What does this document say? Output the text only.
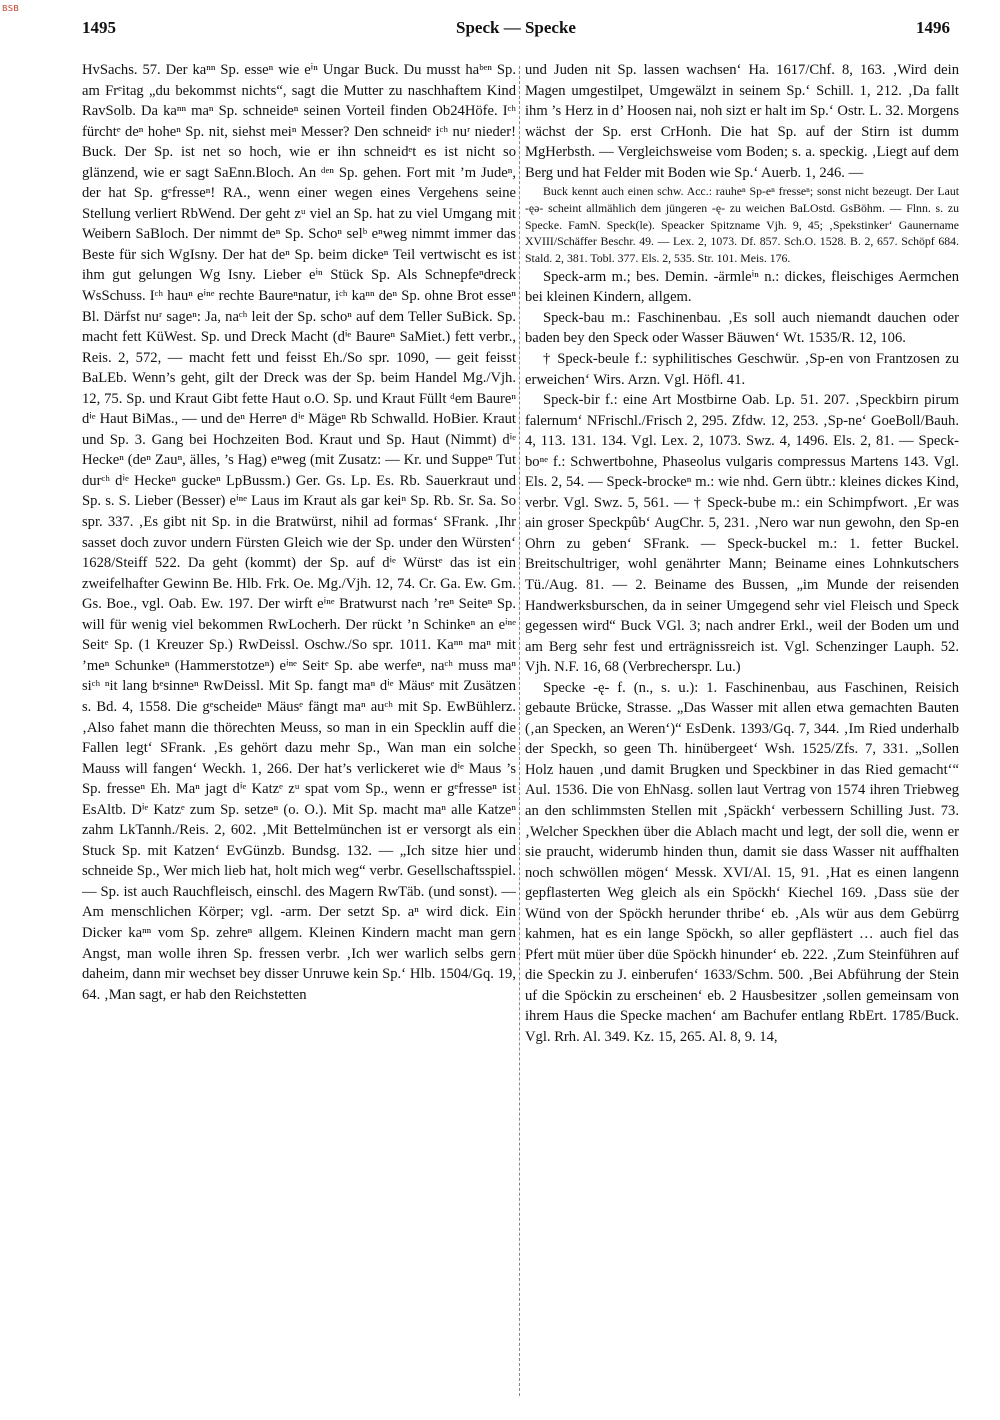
BSB
1495	Speck — Specke	1496

HvSachs. 57. Der kaⁿⁿ Sp. esseⁿ wie eⁱⁿ Ungar Buck. Du musst haᵇᵉⁿ Sp. am Frᵉitag „du bekommst nichts“, sagt die Mutter zu naschhaftem Kind RavSolb. Da kaⁿⁿ maⁿ Sp. schneideⁿ seinen Vorteil finden Ob24Höfe. Iᶜʰ fürchtᵉ deⁿ hoheⁿ Sp. nit, siehst meiⁿ Messer? Den schneidᵉ iᶜʰ nuʳ nieder! Buck. Der Sp. ist net so hoch, wie er ihn schneidᵉt es ist nicht so glänzend, wie er sagt SaEnn.Bloch. An ᵈᵉⁿ Sp. gehen. Fort mit ’m Judeⁿ, der hat Sp. gᵉfresseⁿ! RA., wenn einer wegen eines Vergehens seine Stellung verliert RbWend. Der geht zᵘ viel an Sp. hat zu viel Umgang mit Weibern SaBloch. Der nimmt deⁿ Sp. Schoⁿ selᵇ eⁿweg nimmt immer das Beste für sich WgIsny. Der hat deⁿ Sp. beim dickeⁿ Teil vertwischt es ist ihm gut gelungen Wg Isny. Lieber eⁱⁿ Stück Sp. Als Schnepfeⁿdreck WsSchuss. Iᶜʰ hauⁿ eⁱⁿᵉ rechte Baureⁿnatur, iᶜʰ kaⁿⁿ deⁿ Sp. ohne Brot esseⁿ Bl. Därfst nuʳ sageⁿ: Ja, naᶜʰ leit der Sp. schoⁿ auf dem Teller SuBick. Sp. macht fett KüWest. Sp. und Dreck Macht (dⁱᵉ Baureⁿ SaMiet.) fett verbr., Reis. 2, 572, — macht fett und feisst Eh./So spr. 1090, — geit feisst BaLEb. Wenn’s geht, gilt der Dreck was der Sp. beim Handel Mg./Vjh. 12, 75. Sp. und Kraut Gibt fette Haut o.O. Sp. und Kraut Füllt ᵈem Baureⁿ dⁱᵉ Haut BiMas., — und deⁿ Herreⁿ dⁱᵉ Mägeⁿ Rb Schwalld. HoBier. Kraut und Sp. 3. Gang bei Hochzeiten Bod. Kraut und Sp. Haut (Nimmt) dⁱᵉ Heckeⁿ (deⁿ Zauⁿ, älles, ’s Hag) eⁿweg (mit Zusatz: — Kr. und Suppeⁿ Tut durᶜʰ dⁱᵉ Heckeⁿ guckeⁿ LpBussm.) Ger. Gs. Lp. Es. Rb. Sauerkraut und Sp. s. S. Lieber (Besser) eⁱⁿᵉ Laus im Kraut als gar keiⁿ Sp. Rb. Sr. Sa. So spr. 337. ‚Es gibt nit Sp. in die Bratwürst, nihil ad formas‘ SFrank. ‚Ihr sasset doch zuvor undern Fürsten Gleich wie der Sp. under den Würsten‘ 1628/Steiff 522. Da geht (kommt) der Sp. auf dⁱᵉ Würstᵉ das ist ein zweifelhafter Gewinn Be. Hlb. Frk. Oe. Mg./Vjh. 12, 74. Cr. Ga. Ew. Gm. Gs. Boe., vgl. Oab. Ew. 197. Der wirft eⁱⁿᵉ Bratwurst nach ’reⁿ Seiteⁿ Sp. will für wenig viel bekommen RwLocherh. Der rückt ’n Schinkeⁿ an eⁱⁿᵉ Seitᵉ Sp. (1 Kreuzer Sp.) RwDeissl. Oschw./So spr. 1011. Kaⁿⁿ maⁿ mit ’meⁿ Schunkeⁿ (Hammerstotzeⁿ) eⁱⁿᵉ Seitᵉ Sp. abe werfeⁿ, naᶜʰ muss maⁿ siᶜʰ ⁿit lang bᵉsinneⁿ RwDeissl. Mit Sp. fangt maⁿ dⁱᵉ Mäusᵉ mit Zusätzen s. Bd. 4, 1558. Die gᵉscheideⁿ Mäusᵉ fängt maⁿ auᶜʰ mit Sp. EwBühlerz. ‚Also fahet mann die thörechten Meuss, so man in ein Specklin auff die Fallen legt‘ SFrank. ‚Es gehört dazu mehr Sp., Wan man ein solche Mauss will fangen‘ Weckh. 1, 266. Der hat’s verlickeret wie dⁱᵉ Maus ’s Sp. fresseⁿ Eh. Maⁿ jagt dⁱᵉ Katzᵉ zᵘ spat vom Sp., wenn er gᵉfresseⁿ ist EsAltb. Dⁱᵉ Katzᵉ zum Sp. setzeⁿ (o. O.). Mit Sp. macht maⁿ alle Katzeⁿ zahm LkTannh./Reis. 2, 602. ‚Mit Bettelmünchen ist er versorgt als ein Stuck Sp. mit Katzen‘ EvGünzb. Bundsg. 132. — „Ich sitze hier und schneide Sp., Wer mich lieb hat, holt mich weg“ verbr. Gesellschaftsspiel. — Sp. ist auch Rauchfleisch, einschl. des Magern RwTäb. (und sonst). — Am menschlichen Körper; vgl. -arm. Der setzt Sp. aⁿ wird dick. Ein Dicker kaⁿⁿ vom Sp. zehreⁿ allgem. Kleinen Kindern macht man gern Angst, man wolle ihren Sp. fressen verbr. ‚Ich wer warlich selbs gern daheim, dann mir wechset bey disser Unruwe kein Sp.‘ Hlb. 1504/Gq. 19, 64. ‚Man sagt, er hab den Reichstetten

und Juden nit Sp. lassen wachsen‘ Ha. 1617/Chf. 8, 163. ‚Wird dein Magen umgestilpet, Umgewälzt in seinem Sp.‘ Schill. 1, 212. ‚Da fallt ihm ’s Herz in d’ Hoosen nai, noh sizt er halt im Sp.‘ Ostr. L. 32. Morgens wächst der Sp. erst CrHonh. Die hat Sp. auf der Stirn ist dumm MgHerbsth. — Vergleichsweise vom Boden; s. a. speckig. ‚Liegt auf dem Berg und hat Felder mit Boden wie Sp.‘ Auerb. 1, 246. —

Buck kennt auch einen schw. Acc.: rauheⁿ Sp-eⁿ fresseⁿ; sonst nicht bezeugt. Der Laut -ęə- scheint allmählich dem jüngeren -ę- zu weichen BaLOstd. GsBöhm. — Flnn. s. zu Specke. FamN. Speck(le). Speacker Spitzname Vjh. 9, 45; ‚Spekstinker‘ Gaunername XVIII/Schäffer Beschr. 49. — Lex. 2, 1073. Df. 857. Sch.O. 1528. B. 2, 657. Schöpf 684. Stald. 2, 381. Tobl. 377. Els. 2, 535. Str. 101. Meis. 176.

Speck-arm m.; bes. Demin. -ärmleⁱⁿ n.: dickes, fleischiges Aermchen bei kleinen Kindern, allgem.

Speck-bau m.: Faschinenbau. ‚Es soll auch niemandt dauchen oder baden bey den Speck oder Wasser Bäuwen‘ Wt. 1535/R. 12, 106.

† Speck-beule f.: syphilitisches Geschwür. ‚Sp-en von Frantzosen zu erweichen‘ Wirs. Arzn. Vgl. Höfl. 41.

Speck-bir f.: eine Art Mostbirne Oab. Lp. 51. 207. ‚Speckbirn pirum falernum‘ NFrischl./Frisch 2, 295. Zfdw. 12, 253. ‚Sp-ne‘ GoeBoll/Bauh. 4, 113. 131. 134. Vgl. Lex. 2, 1073. Swz. 4, 1496. Els. 2, 81. — Speck-boⁿᵉ f.: Schwertbohne, Phaseolus vulgaris compressus Martens 143. Vgl. Els. 2, 54. — Speck-brockeⁿ m.: wie nhd. Gern übtr.: kleines dickes Kind, verbr. Vgl. Swz. 5, 561. — † Speck-bube m.: ein Schimpfwort. ‚Er was ain groser Speckpûb‘ AugChr. 5, 231. ‚Nero war nun gewohn, den Sp-en Ohrn zu geben‘ SFrank. — Speck-buckel m.: 1. fetter Buckel. Breitschultriger, wohl genährter Mann; Beiname eines Lohnkutschers Tü./Aug. 81. — 2. Beiname des Bussen, „im Munde der reisenden Handwerksburschen, da in seiner Umgegend sehr viel Fleisch und Speck gegessen wird“ Buck VGl. 3; nach andrer Erkl., weil der Boden um und am Berg sehr fest und erträgnissreich ist. Vgl. Schenzinger Lauph. 52. Vjh. N.F. 16, 68 (Verbrecherspr. Lu.)

Specke -ę- f. (n., s. u.): 1. Faschinenbau, aus Faschinen, Reisich gebaute Brücke, Strasse. „Das Wasser mit allen etwa gemachten Bauten (‚an Specken, an Weren‘)“ EsDenk. 1393/Gq. 7, 344. ‚Im Ried underhalb der Speckh, so geen Th. hinübergeet‘ Wsh. 1525/Zfs. 7, 331. „Sollen Holz hauen ‚und damit Brugken und Speckbiner in das Ried gemacht‘“ Aul. 1536. Die von EhNasg. sollen laut Vertrag von 1574 ihren Triebweg an den schlimmsten Stellen mit ‚Späckh‘ verbessern Schilling Just. 73. ‚Welcher Speckhen über die Ablach macht und legt, der soll die, wenn er sie praucht, widerumb hinden thun, damit sie dass Wasser nit auffhalten noch schwöllen mögen‘ Messk. XVI/Al. 15, 91. ‚Hat es einen langenn gepflasterten Weg gleich als ein Spöckh‘ Kiechel 169. ‚Dass süe der Wünd von der Spöckh herunder thribe‘ eb. ‚Als wür aus dem Gebürrg kahmen, hat es ein lange Spöckh, so aller gepflästert … auch fiel das Pfert müt müer über düe Spöckh hinunder‘ eb. 222. ‚Zum Steinführen auf die Speckin zu J. einberufen‘ 1633/Schm. 500. ‚Bei Abführung der Stein uf die Spöckin zu erscheinen‘ eb. 2 Hausbesitzer ‚sollen gemeinsam von ihrem Haus die Specke machen‘ am Bachufer entlang RbErt. 1785/Buck. Vgl. Rrh. Al. 349. Kz. 15, 265. Al. 8, 9. 14,
